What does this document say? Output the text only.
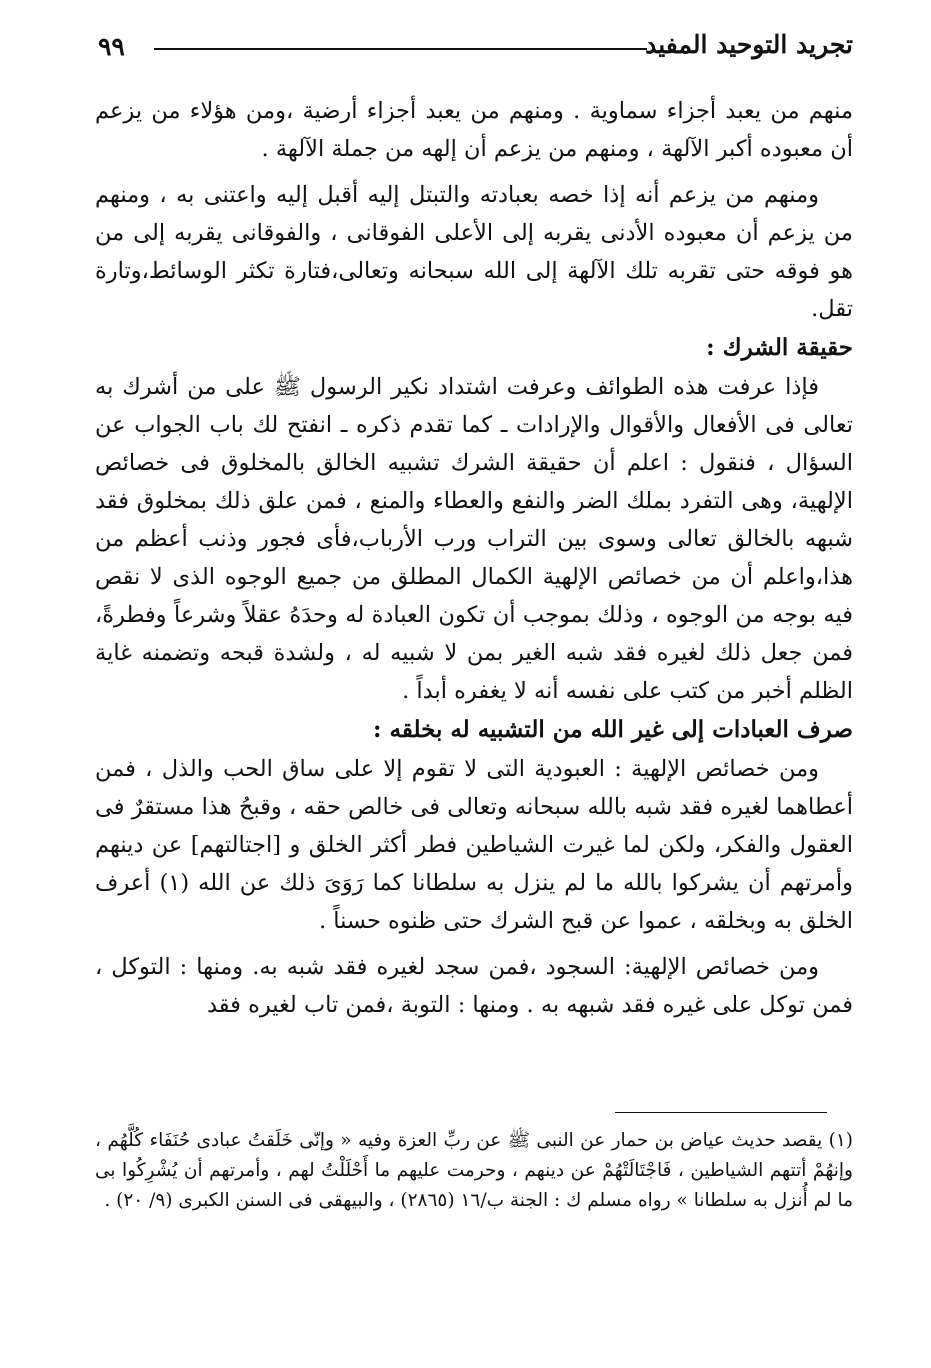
٩٩	تجريد التوحيد المفيد

منهم من يعبد أجزاء سماوية . ومنهم من يعبد أجزاء أرضية ،ومن هؤلاء من يزعم أن معبوده أكبر الآلهة ، ومنهم من يزعم أن إلهه من جملة الآلهة .

ومنهم من يزعم أنه إذا خصه بعبادته والتبتل إليه أقبل إليه واعتنى به ، ومنهم من يزعم أن معبوده الأدنى يقربه إلى الأعلى الفوقانى ، والفوقانى يقربه إلى من هو فوقه حتى تقربه تلك الآلهة إلى الله سبحانه وتعالى،فتارة تكثر الوسائط،وتارة تقل.

حقيقة الشرك :

فإذا عرفت هذه الطوائف وعرفت اشتداد نكير الرسول ﷺ على من أشرك به تعالى فى الأفعال والأقوال والإرادات ـ كما تقدم ذكره ـ انفتح لك باب الجواب عن السؤال ، فنقول : اعلم أن حقيقة الشرك تشبيه الخالق بالمخلوق فى خصائص الإلهية، وهى التفرد بملك الضر والنفع والعطاء والمنع ، فمن علق ذلك بمخلوق فقد شبهه بالخالق تعالى وسوى بين التراب ورب الأرباب،فأى فجور وذنب أعظم من هذا،واعلم أن من خصائص الإلهية الكمال المطلق من جميع الوجوه الذى لا نقص فيه بوجه من الوجوه ، وذلك بموجب أن تكون العبادة له وحدَهُ عقلاً وشرعاً وفطرةً، فمن جعل ذلك لغيره فقد شبه الغير بمن لا شبيه له ، ولشدة قبحه وتضمنه غاية الظلم أخبر من كتب على نفسه أنه لا يغفره أبداً .

صرف العبادات إلى غير الله من التشبيه له بخلقه :

ومن خصائص الإلهية : العبودية التى لا تقوم إلا على ساق الحب والذل ، فمن أعطاهما لغيره فقد شبه بالله سبحانه وتعالى فى خالص حقه ، وقبحُ هذا مستقرٌ فى العقول والفكر، ولكن لما غيرت الشياطين فطر أكثر الخلق و [اجتالتهم] عن دينهم وأمرتهم أن يشركوا بالله ما لم ينزل به سلطانا كما رَوَىَ ذلك عن الله (١) أعرف الخلق به وبخلقه ، عموا عن قبح الشرك حتى ظنوه حسناً .

ومن خصائص الإلهية: السجود ،فمن سجد لغيره فقد شبه به. ومنها : التوكل ، فمن توكل على غيره فقد شبهه به . ومنها : التوبة ،فمن تاب لغيره فقد

(١) يقصد حديث عياض بن حمار عن النبى ﷺ عن ربِّ العزة وفيه « وإنّى خَلَقتُ عبادى حُنَفَاء كُلَّهُم ، وإنهُمْ أتتهم الشياطين ، فَاجْتَالَتْهُمْ عن دينهم ، وحرمت عليهم ما أَحْلَلْتُ لهم ، وأمرتهم أن يُشْرِكُوا بى ما لم أُنزل به سلطانا » رواه مسلم ك : الجنة ب/١٦ (٢٨٦٥) ، والبيهقى فى السنن الكبرى (٩/ ٢٠) .
